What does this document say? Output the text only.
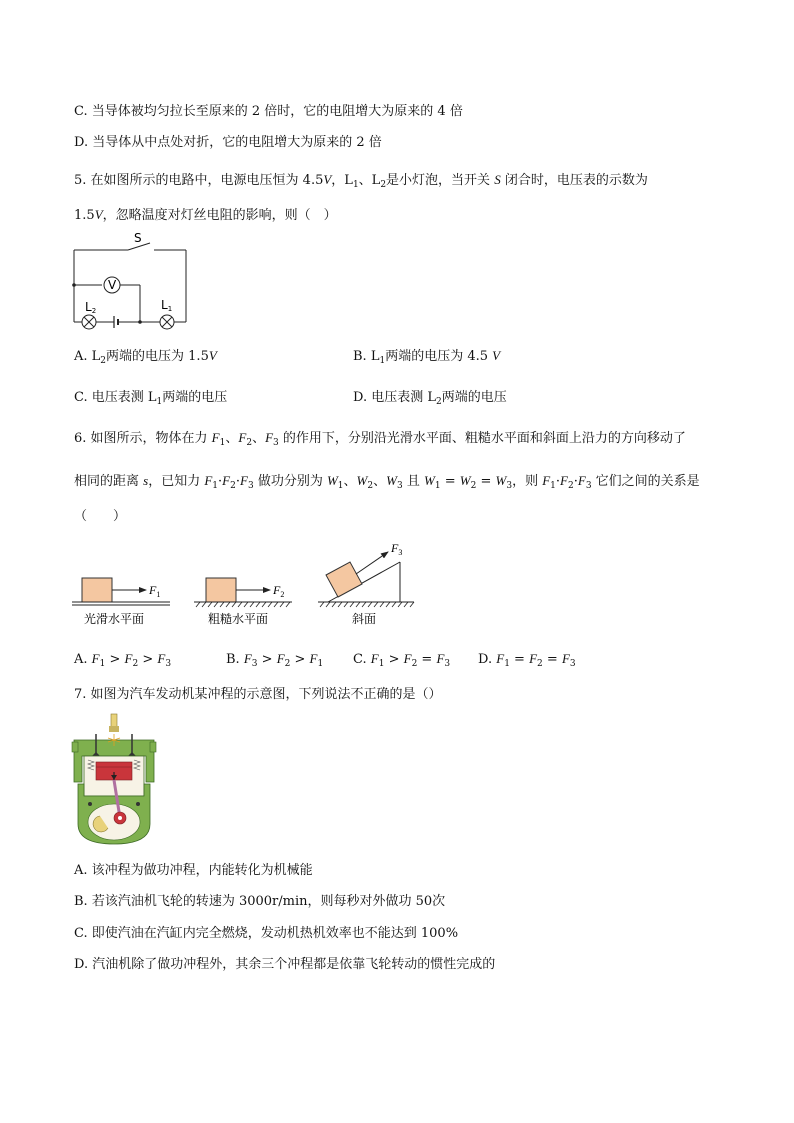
C. 当导体被均匀拉长至原来的 2 倍时，它的电阻增大为原来的 4 倍
D. 当导体从中点处对折，它的电阻增大为原来的 2 倍
5. 在如图所示的电路中，电源电压恒为 4.5V，$L_1$、$L_2$是小灯泡，当开关 S 闭合时，电压表的示数为
1.5V，忽略温度对灯丝电阻的影响，则（　）
S
V
L2	L1
A. $L_2$两端的电压为 1.5V	B. $L_1$两端的电压为 4.5 V
C. 电压表测 $L_1$两端的电压	D. 电压表测 $L_2$两端的电压
6. 如图所示，物体在力 $F_1$、$F_2$、$F_3$ 的作用下，分别沿光滑水平面、粗糙水平面和斜面上沿力的方向移动了
相同的距离 s，已知力 $F_1\cdot F_2\cdot F_3$ 做功分别为 $W_1$、$W_2$、$W_3$ 且 $W_1 = W_2 = W_3$，则 $F_1\cdot F_2\cdot F_3$ 它们之间的关系是
（　　）
$F_1$
光滑水平面
$F_2$
粗糙水平面
$F_3$
斜面
A. $F_1 > F_2 > F_3$	B. $F_3 > F_2 > F_1$ C. $F_1 > F_2 = F_3$ D. $F_1 = F_2 = F_3$
7. 如图为汽车发动机某冲程的示意图，下列说法不正确的是（）
A. 该冲程为做功冲程，内能转化为机械能
B. 若该汽油机飞轮的转速为 3000r/min，则每秒对外做功 50次
C. 即使汽油在汽缸内完全燃烧，发动机热机效率也不能达到 100%
D. 汽油机除了做功冲程外，其余三个冲程都是依靠飞轮转动的惯性完成的
